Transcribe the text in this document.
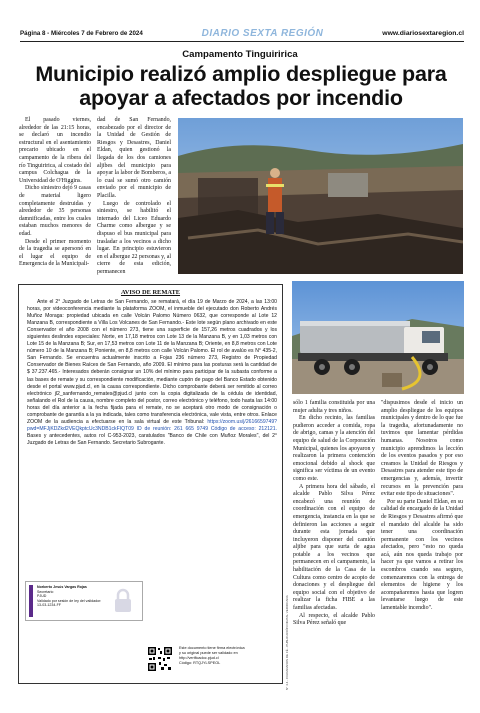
Página 8 - Miércoles 7 de Febrero de 2024	DIARIO SEXTA REGIÓN	www.diariosextaregion.cl
Campamento Tinguiririca
Municipio realizó amplio despliegue para apoyar a afectados por incendio

El pasado viernes, alrededor de las 21:15 horas, se declaró un incendio estructural en el asentamiento precario ubicado en el campamento de la ribera del río Tinguiririca, al costado del campus Colchagua de la Universidad de O'Higgins.

Dicho siniestro dejó 9 casas de material ligero completamente destruidas y alrededor de 35 personas damnificadas, entre los cuales estaban muchos menores de edad.

Desde el primer momento de la tragedia se apersonó en el lugar el equipo de Emergencia de la Municipali-

dad de San Fernando, encabezado por el director de la Unidad de Gestión de Riesgos y Desastres, Daniel Eldan, quien gestionó la llegada de los dos camiones aljibes del municipio para apoyar la labor de Bomberos, a lo cual se sumó otro camión enviado por el municipio de Placilla.

Luego de controlado el siniestro, se habilitó el internado del Liceo Eduardo Charme como albergue y se dispuso el bus municipal para trasladar a los vecinos a dicho lugar. En principio estuvieron en el albergue 22 personas y, al cierre de esta edición, permanecen

AVISO DE REMATE

Ante el 2° Juzgado de Letras de San Fernando, se rematará, el día 19 de Marzo de 2024, a las 13:00 horas, por videoconferencia mediante la plataforma ZOOM, el inmueble del ejecutado don Roberto Andrés Muñoz Moraga: propiedad ubicada en calle Volcán Palomo Número 0632, que corresponde al Lote 12 Manzana B, correspondiente a Villa Los Volcanes de San Fernando.- Este lote según plano archivado en este Conservador el año 2008 con el número 273, tiene una superficie de 157,26 metros cuadrados y los siguientes deslindes especiales: Norte, en 17,18 metros con Lote 13 de la Manzana B, y en 1,03 metros con Lote 15 de la Manzana B; Sur, en 17,53 metros con Lote 11 de la Manzana B; Oriente, en 8,8 metros con Lote número 10 de la Manzana B; Poniente, en 8,8 metros con calle Volcán Palomo. El rol de avalúo es N° 435-2, San Fernando. Se encuentra actualmente inscrito a Fojas 236 número 273, Registro de Propiedad Conservador de Bienes Raíces de San Fernando, año 2009. El mínimo para las posturas será la cantidad de $ 37.237.465.- Interesados deberán consignar un 10% del mínimo para participar de la subasta conforme a las bases de remate y su correspondiente modificación, mediante cupón de pago del Banco Estado obtenido desde el portal www.pjud.cl, en la causa correspondiente. Dicho comprobante deberá ser remitido al correo electrónico jl2_sanfernando_remates@pjud.cl junto con la copia digitalizada de la cédula de identidad, señalando el Rol de la causa, nombre completo del postor, correo electrónico y teléfono, todo hasta las 14:00 horas del día anterior a la fecha fijada para el remate, no se aceptará otro modo de consignación o comprobante de garantía a la ya indicada, tales como transferencia electrónica, vale vista, entre otros. Enlace ZOOM de la audiencia a efectuarse en la sala virtual de este Tribunal: https://zoom.us/j/2616659749?pwd=MFJjKDZkd2VEQkptcUc3NDB1ckFIQT09 ID de reunión: 261 665 9749 Código de acceso: 212121. Bases y antecedentes, autos rol C-953-2023, caratulados "Banco de Chile con Muñoz Morales", del 2° Juzgado de Letras de San Fernando. Secretario Subrogante.

Norberto Jesús Vargas Rojas
Secretario
PJUD
Validado por sesión de ley del validador:
13-03-1234-FF
Este documento tiene firma electrónica
y su original puede ser validado en
http://verificadoc.pjud.cl
Código: RTQJYLSPEOL	N° 4.4 - CIUDADANOS DE FÉ - PUBLICACIÓN DIGITAL VERIFICADA

sólo 1 familia constituida por una mujer adulta y tres niños.

En dicho recinto, las familias pudieron acceder a comida, ropa de abrigo, camas y la atención del equipo de salud de la Corporación Municipal, quienes los apoyaron y realizaron la primera contención emocional debido al shock que significa ser víctima de un evento como este.

A primera hora del sábado, el alcalde Pablo Silva Pérez encabezó una reunión de coordinación con el equipo de emergencia, instancia en la que se definieron las acciones a seguir durante esta jornada que incluyeron disponer del camión aljibe para que surta de agua potable a los vecinos que permanecen en el campamento, la habilitación de la Casa de la Cultura como centro de acopio de donaciones y el despliegue del equipo social con el objetivo de realizar la ficha FIBE a las familias afectadas.

Al respecto, el alcalde Pablo Silva Pérez señaló que

"dispusimos desde el inicio un amplio despliegue de los equipos municipales y dentro de lo que fue la tragedia, afortunadamente no tuvimos que lamentar pérdidas humanas. Nosotros como municipio aprendimos la lección de los eventos pasados y por eso creamos la Unidad de Riesgos y Desastres para atender este tipo de emergencias y, además, invertir recursos en la prevención para evitar este tipo de situaciones".

Por su parte Daniel Eldan, en su calidad de encargado de la Unidad de Riesgos y Desastres afirmó que el mandato del alcalde ha sido tener una coordinación permanente con los vecinos afectados, pero "esto no queda acá, aún nos queda trabajo por hacer ya que vamos a retirar los escombros cuando sea seguro, comenzaremos con la entrega de elementos de higiene y los acompañaremos hasta que logren levantarse luego de este lamentable incendio".
